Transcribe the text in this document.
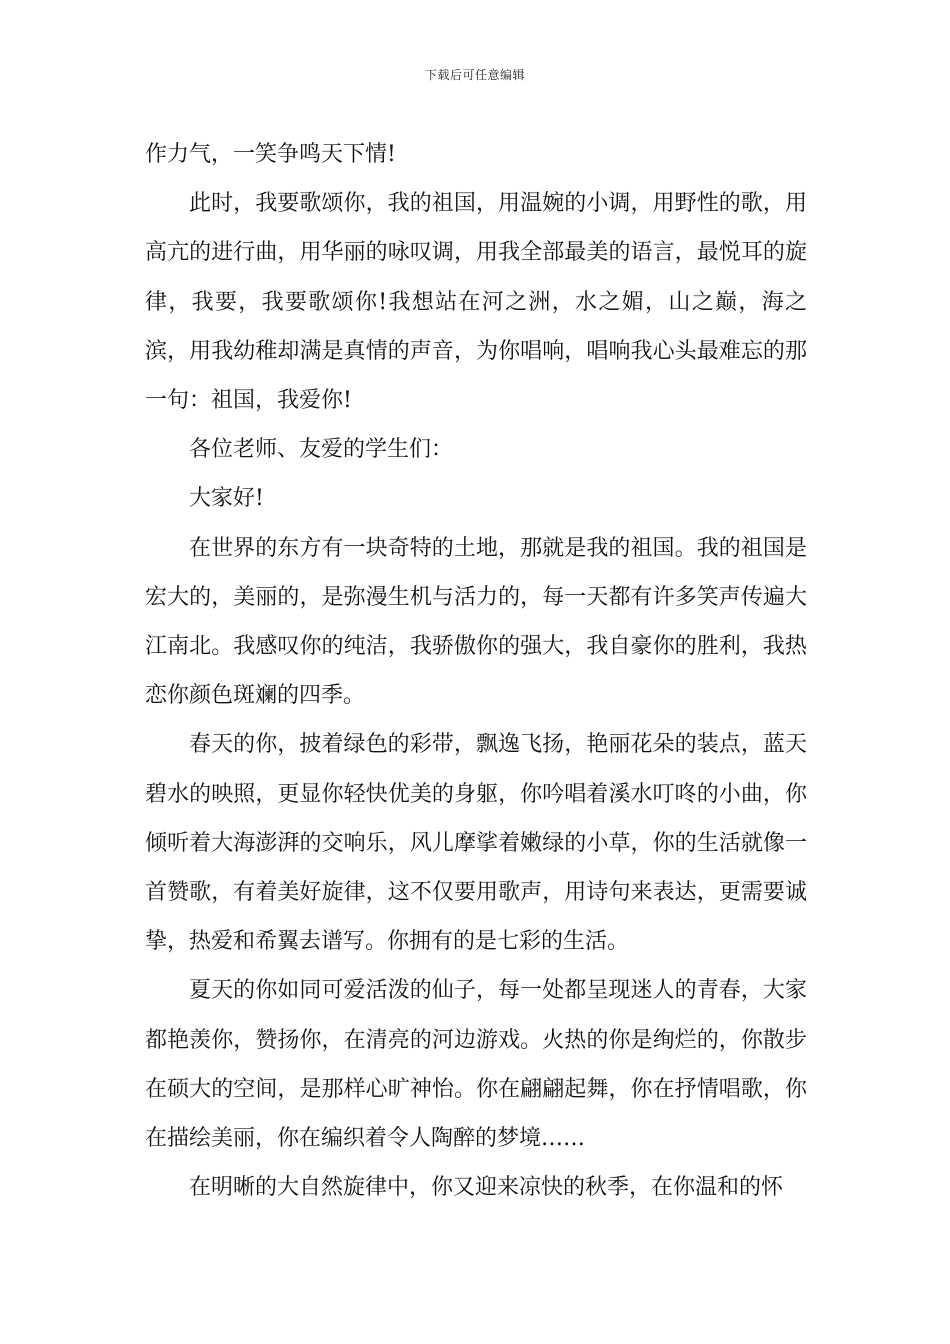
下载后可任意编辑

作力气，一笑争鸣天下情!

此时，我要歌颂你，我的祖国，用温婉的小调，用野性的歌，用高亢的进行曲，用华丽的咏叹调，用我全部最美的语言，最悦耳的旋律，我要，我要歌颂你!我想站在河之洲，水之媚，山之巅，海之滨，用我幼稚却满是真情的声音，为你唱响，唱响我心头最难忘的那一句：祖国，我爱你!

各位老师、友爱的学生们：

大家好!

在世界的东方有一块奇特的土地，那就是我的祖国。我的祖国是宏大的，美丽的，是弥漫生机与活力的，每一天都有许多笑声传遍大江南北。我感叹你的纯洁，我骄傲你的强大，我自豪你的胜利，我热恋你颜色斑斓的四季。

春天的你，披着绿色的彩带，飘逸飞扬，艳丽花朵的装点，蓝天碧水的映照，更显你轻快优美的身躯，你吟唱着溪水叮咚的小曲，你倾听着大海澎湃的交响乐，风儿摩挲着嫩绿的小草，你的生活就像一首赞歌，有着美好旋律，这不仅要用歌声，用诗句来表达，更需要诚挚，热爱和希翼去谱写。你拥有的是七彩的生活。

夏天的你如同可爱活泼的仙子，每一处都呈现迷人的青春，大家都艳羡你，赞扬你，在清亮的河边游戏。火热的你是绚烂的，你散步在硕大的空间，是那样心旷神怡。你在翩翩起舞，你在抒情唱歌，你在描绘美丽，你在编织着令人陶醉的梦境……

在明晰的大自然旋律中，你又迎来凉快的秋季，在你温和的怀
